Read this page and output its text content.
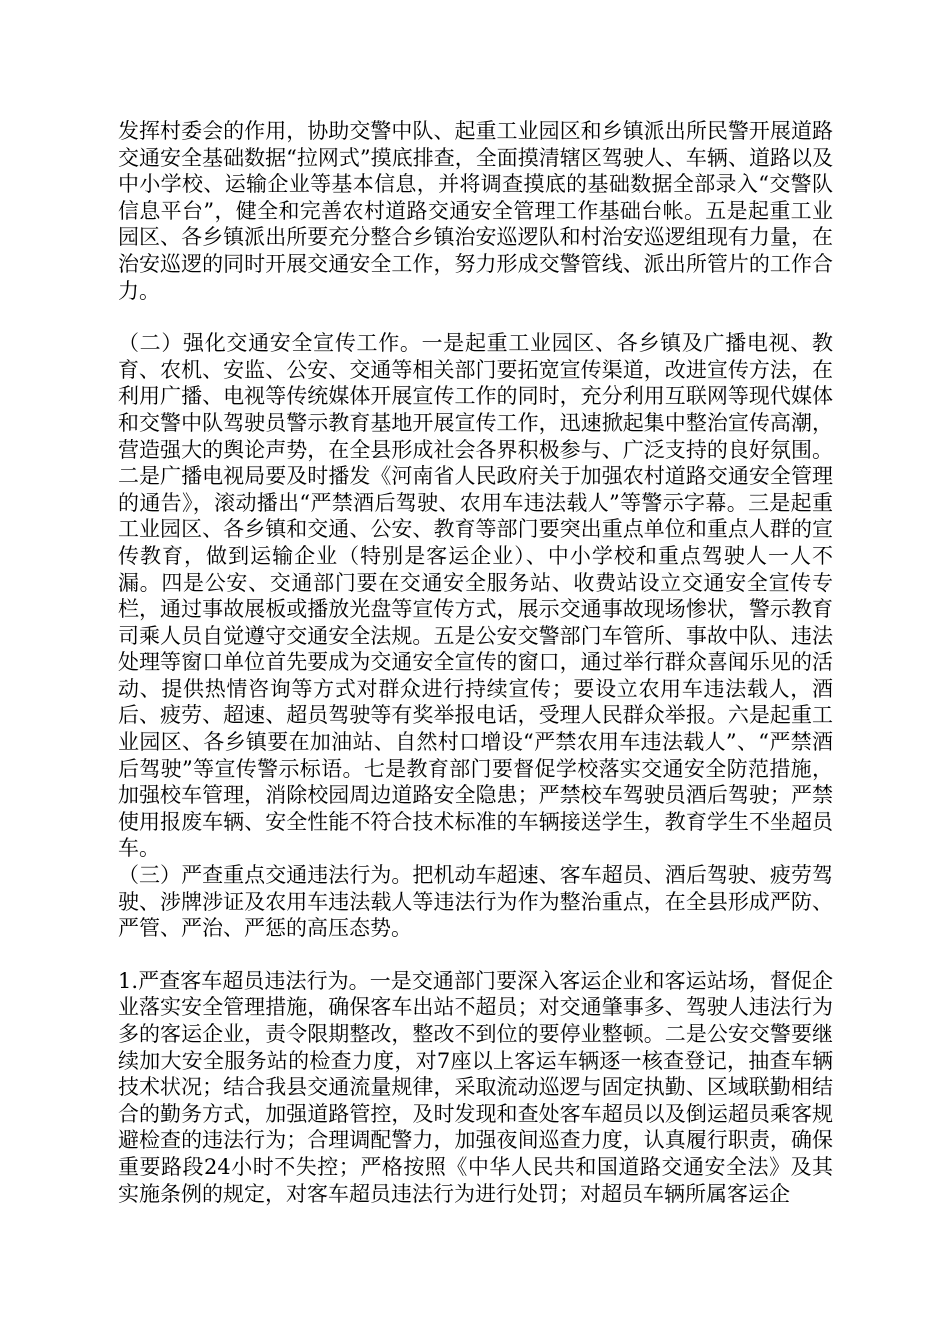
发挥村委会的作用，协助交警中队、起重工业园区和乡镇派出所民警开展道路交通安全基础数据“拉网式”摸底排查，全面摸清辖区驾驶人、车辆、道路以及中小学校、运输企业等基本信息，并将调查摸底的基础数据全部录入“交警队信息平台”，健全和完善农村道路交通安全管理工作基础台帐。五是起重工业园区、各乡镇派出所要充分整合乡镇治安巡逻队和村治安巡逻组现有力量，在治安巡逻的同时开展交通安全工作，努力形成交警管线、派出所管片的工作合力。

（二）强化交通安全宣传工作。一是起重工业园区、各乡镇及广播电视、教育、农机、安监、公安、交通等相关部门要拓宽宣传渠道，改进宣传方法，在利用广播、电视等传统媒体开展宣传工作的同时，充分利用互联网等现代媒体和交警中队驾驶员警示教育基地开展宣传工作，迅速掀起集中整治宣传高潮，营造强大的舆论声势，在全县形成社会各界积极参与、广泛支持的良好氛围。二是广播电视局要及时播发《河南省人民政府关于加强农村道路交通安全管理的通告》，滚动播出“严禁酒后驾驶、农用车违法载人”等警示字幕。三是起重工业园区、各乡镇和交通、公安、教育等部门要突出重点单位和重点人群的宣传教育，做到运输企业（特别是客运企业）、中小学校和重点驾驶人一人不漏。四是公安、交通部门要在交通安全服务站、收费站设立交通安全宣传专栏，通过事故展板或播放光盘等宣传方式，展示交通事故现场惨状，警示教育司乘人员自觉遵守交通安全法规。五是公安交警部门车管所、事故中队、违法处理等窗口单位首先要成为交通安全宣传的窗口，通过举行群众喜闻乐见的活动、提供热情咨询等方式对群众进行持续宣传；要设立农用车违法载人，酒后、疲劳、超速、超员驾驶等有奖举报电话，受理人民群众举报。六是起重工业园区、各乡镇要在加油站、自然村口增设“严禁农用车违法载人”、“严禁酒后驾驶”等宣传警示标语。七是教育部门要督促学校落实交通安全防范措施，加强校车管理，消除校园周边道路安全隐患；严禁校车驾驶员酒后驾驶；严禁使用报废车辆、安全性能不符合技术标准的车辆接送学生，教育学生不坐超员车。

（三）严查重点交通违法行为。把机动车超速、客车超员、酒后驾驶、疲劳驾驶、涉牌涉证及农用车违法载人等违法行为作为整治重点，在全县形成严防、严管、严治、严惩的高压态势。

1.严查客车超员违法行为。一是交通部门要深入客运企业和客运站场，督促企业落实安全管理措施，确保客车出站不超员；对交通肇事多、驾驶人违法行为多的客运企业，责令限期整改，整改不到位的要停业整顿。二是公安交警要继续加大安全服务站的检查力度，对7座以上客运车辆逐一核查登记，抽查车辆技术状况；结合我县交通流量规律，采取流动巡逻与固定执勤、区域联勤相结合的勤务方式，加强道路管控，及时发现和查处客车超员以及倒运超员乘客规避检查的违法行为；合理调配警力，加强夜间巡查力度，认真履行职责，确保重要路段24小时不失控；严格按照《中华人民共和国道路交通安全法》及其实施条例的规定，对客车超员违法行为进行处罚；对超员车辆所属客运企
